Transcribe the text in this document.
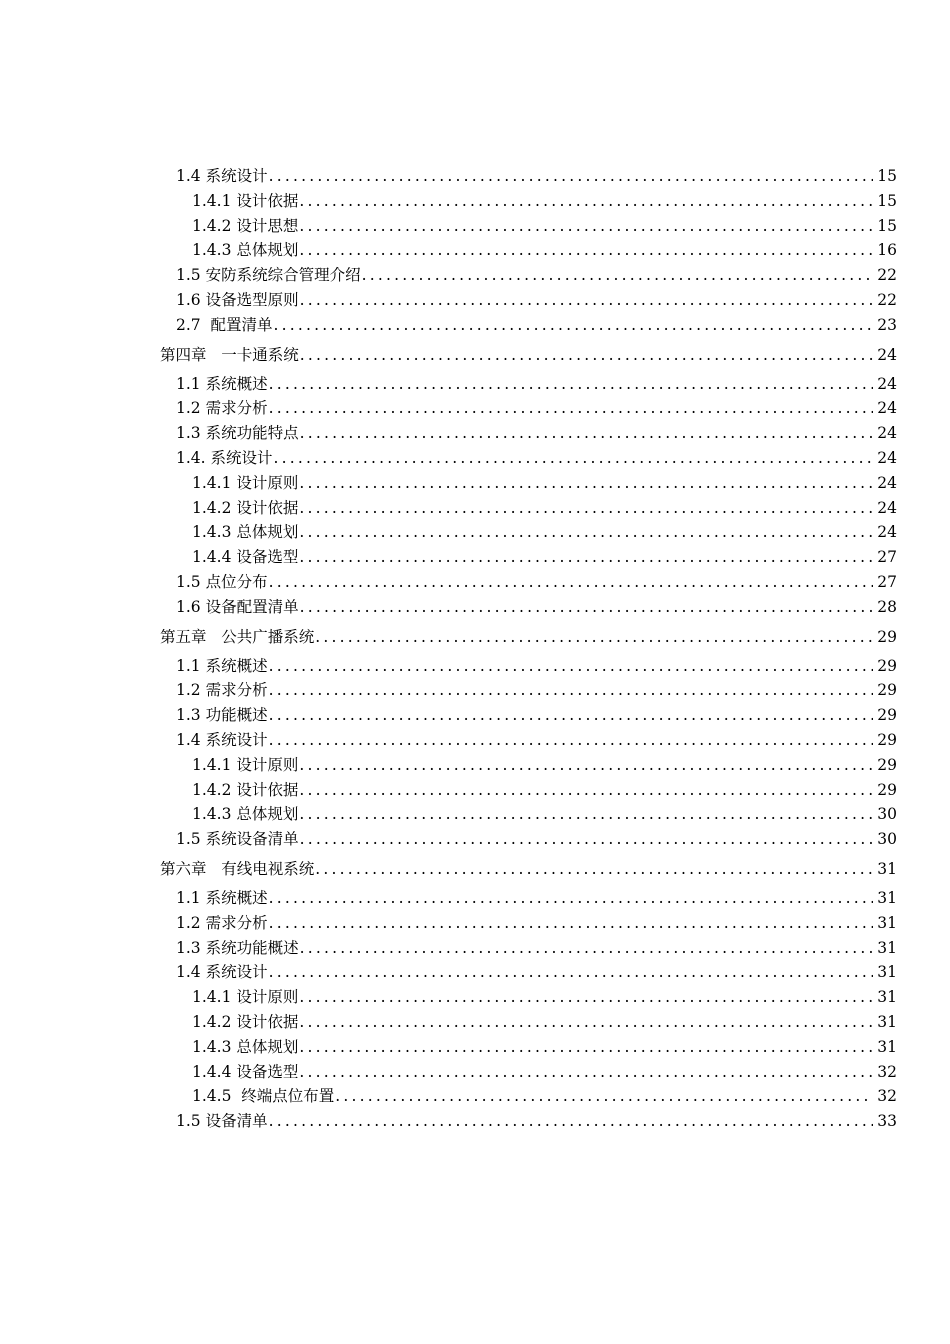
1.4 系统设计 .....	15
1.4.1 设计依据 .....	15
1.4.2 设计思想 .....	15
1.4.3 总体规划 .....	16
1.5 安防系统综合管理介绍 .....	22
1.6 设备选型原则 .....	22
2.7  配置清单 .....	23
第四章   一卡通系统 .....	24
1.1 系统概述 .....	24
1.2 需求分析 .....	24
1.3 系统功能特点 .....	24
1.4. 系统设计 .....	24
1.4.1 设计原则 .....	24
1.4.2 设计依据 .....	24
1.4.3 总体规划 .....	24
1.4.4 设备选型 .....	27
1.5 点位分布 .....	27
1.6 设备配置清单 .....	28
第五章   公共广播系统 .....	29
1.1 系统概述 .....	29
1.2 需求分析 .....	29
1.3 功能概述 .....	29
1.4 系统设计 .....	29
1.4.1 设计原则 .....	29
1.4.2 设计依据 .....	29
1.4.3 总体规划 .....	30
1.5 系统设备清单 .....	30
第六章   有线电视系统 .....	31
1.1 系统概述 .....	31
1.2 需求分析 .....	31
1.3 系统功能概述 .....	31
1.4 系统设计 .....	31
1.4.1 设计原则 .....	31
1.4.2 设计依据 .....	31
1.4.3 总体规划 .....	31
1.4.4 设备选型 .....	32
1.4.5  终端点位布置 .....	32
1.5 设备清单 .....	33
